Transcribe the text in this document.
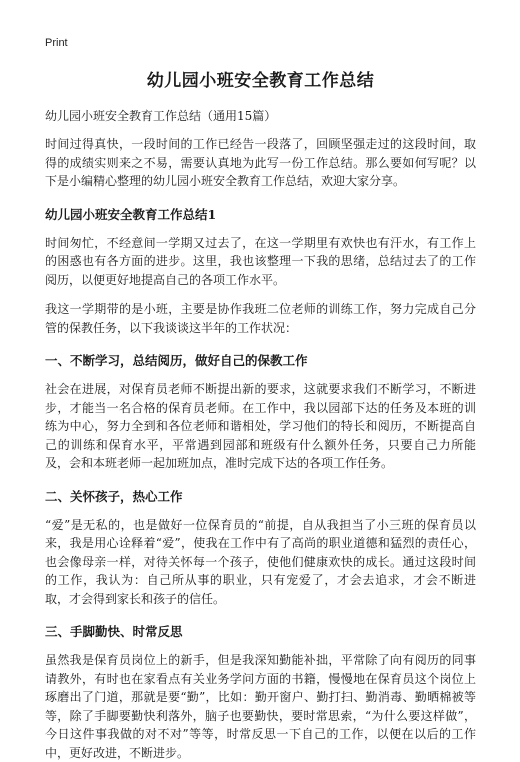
Print
幼儿园小班安全教育工作总结
幼儿园小班安全教育工作总结（通用15篇）

时间过得真快，一段时间的工作已经告一段落了，回顾坚强走过的这段时间，取得的成绩实则来之不易，需要认真地为此写一份工作总结。那么要如何写呢？以下是小编精心整理的幼儿园小班安全教育工作总结，欢迎大家分享。

幼儿园小班安全教育工作总结1

时间匆忙，不经意间一学期又过去了，在这一学期里有欢快也有汗水，有工作上的困惑也有各方面的进步。这里，我也该整理一下我的思绪，总结过去了的工作阅历，以便更好地提高自己的各项工作水平。

我这一学期带的是小班，主要是协作我班二位老师的训练工作，努力完成自己分管的保教任务，以下我谈谈这半年的工作状况：

一、不断学习，总结阅历，做好自己的保教工作

社会在进展，对保育员老师不断提出新的要求，这就要求我们不断学习，不断进步，才能当一名合格的保育员老师。在工作中，我以园部下达的任务及本班的训练为中心，努力全到和各位老师和谐相处，学习他们的特长和阅历，不断提高自己的训练和保育水平，平常遇到园部和班级有什么额外任务，只要自己力所能及，会和本班老师一起加班加点，准时完成下达的各项工作任务。

二、关怀孩子，热心工作

“爱”是无私的，也是做好一位保育员的“前提，自从我担当了小三班的保育员以来，我是用心诠释着“爱”，使我在工作中有了高尚的职业道德和猛烈的责任心，也会像母亲一样，对待关怀每一个孩子，使他们健康欢快的成长。通过这段时间的工作，我认为：自己所从事的职业，只有宠爱了，才会去追求，才会不断进取，才会得到家长和孩子的信任。

三、手脚勤快、时常反思

虽然我是保育员岗位上的新手，但是我深知勤能补拙，平常除了向有阅历的同事请教外，有时也在家看点有关业务学问方面的书籍，慢慢地在保育员这个岗位上琢磨出了门道，那就是要“勤”，比如：勤开窗户、勤打扫、勤消毒、勤晒棉被等等，除了手脚要勤快利落外，脑子也要勤快，要时常思索，“为什么要这样做”，今日这件事我做的对不对”等等，时常反思一下自己的工作，以便在以后的工作中，更好改进，不断进步。
